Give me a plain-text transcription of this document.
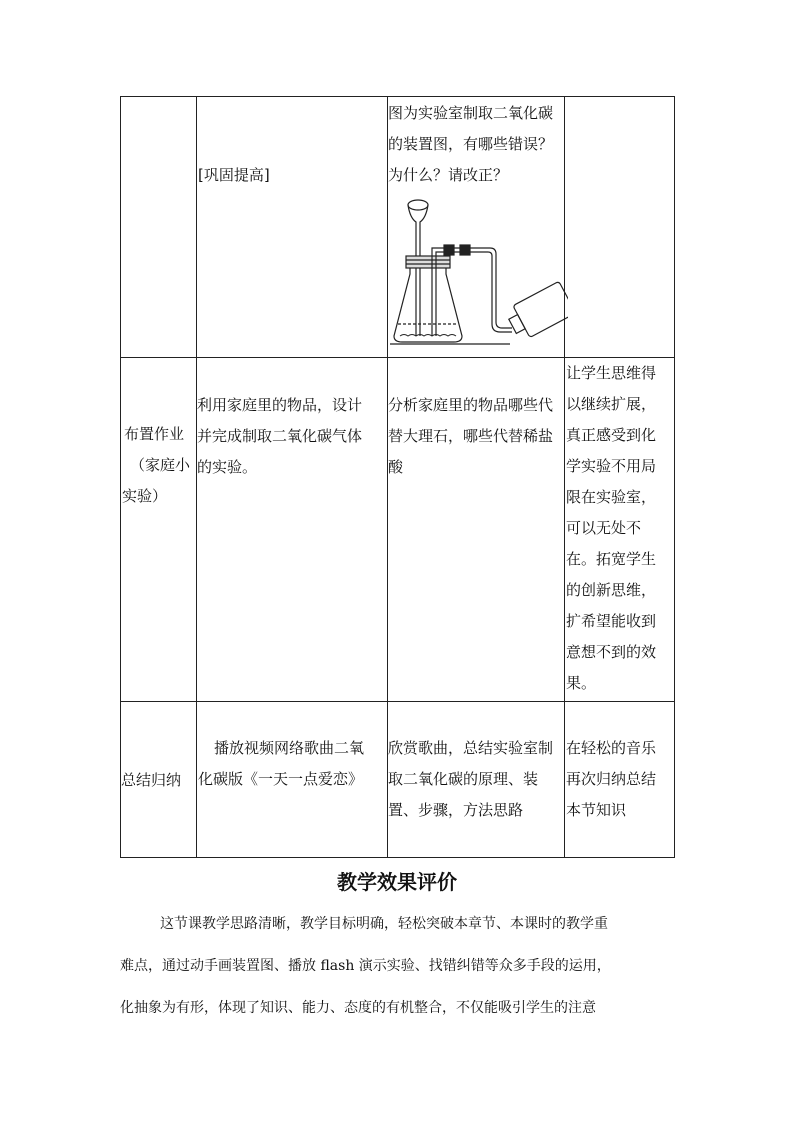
[巩固提高]
图为实验室制取二氧化碳
的装置图，有哪些错误？
为什么？请改正？
布置作业
（家庭小
实验）
利用家庭里的物品，设计
并完成制取二氧化碳气体
的实验。
分析家庭里的物品哪些代
替大理石，哪些代替稀盐
酸
让学生思维得
以继续扩展，
真正感受到化
学实验不用局
限在实验室，
可以无处不
在。拓宽学生
的创新思维，
扩希望能收到
意想不到的效
果。
总结归纳
播放视频网络歌曲二氧
化碳版《一天一点爱恋》
欣赏歌曲，总结实验室制
取二氧化碳的原理、装
置、步骤，方法思路
在轻松的音乐
再次归纳总结
本节知识
教学效果评价
这节课教学思路清晰，教学目标明确，轻松突破本章节、本课时的教学重
难点，通过动手画装置图、播放 flash 演示实验、找错纠错等众多手段的运用，
化抽象为有形，体现了知识、能力、态度的有机整合，不仅能吸引学生的注意
